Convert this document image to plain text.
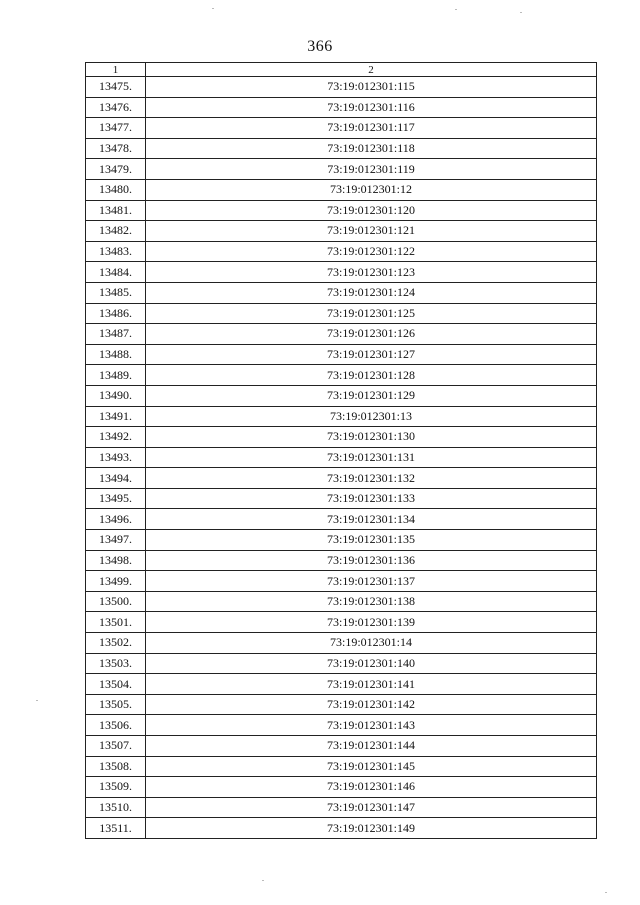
366
1	2
13475.	73:19:012301:115
13476.	73:19:012301:116
13477.	73:19:012301:117
13478.	73:19:012301:118
13479.	73:19:012301:119
13480.	73:19:012301:12
13481.	73:19:012301:120
13482.	73:19:012301:121
13483.	73:19:012301:122
13484.	73:19:012301:123
13485.	73:19:012301:124
13486.	73:19:012301:125
13487.	73:19:012301:126
13488.	73:19:012301:127
13489.	73:19:012301:128
13490.	73:19:012301:129
13491.	73:19:012301:13
13492.	73:19:012301:130
13493.	73:19:012301:131
13494.	73:19:012301:132
13495.	73:19:012301:133
13496.	73:19:012301:134
13497.	73:19:012301:135
13498.	73:19:012301:136
13499.	73:19:012301:137
13500.	73:19:012301:138
13501.	73:19:012301:139
13502.	73:19:012301:14
13503.	73:19:012301:140
13504.	73:19:012301:141
13505.	73:19:012301:142
13506.	73:19:012301:143
13507.	73:19:012301:144
13508.	73:19:012301:145
13509.	73:19:012301:146
13510.	73:19:012301:147
13511.	73:19:012301:149
